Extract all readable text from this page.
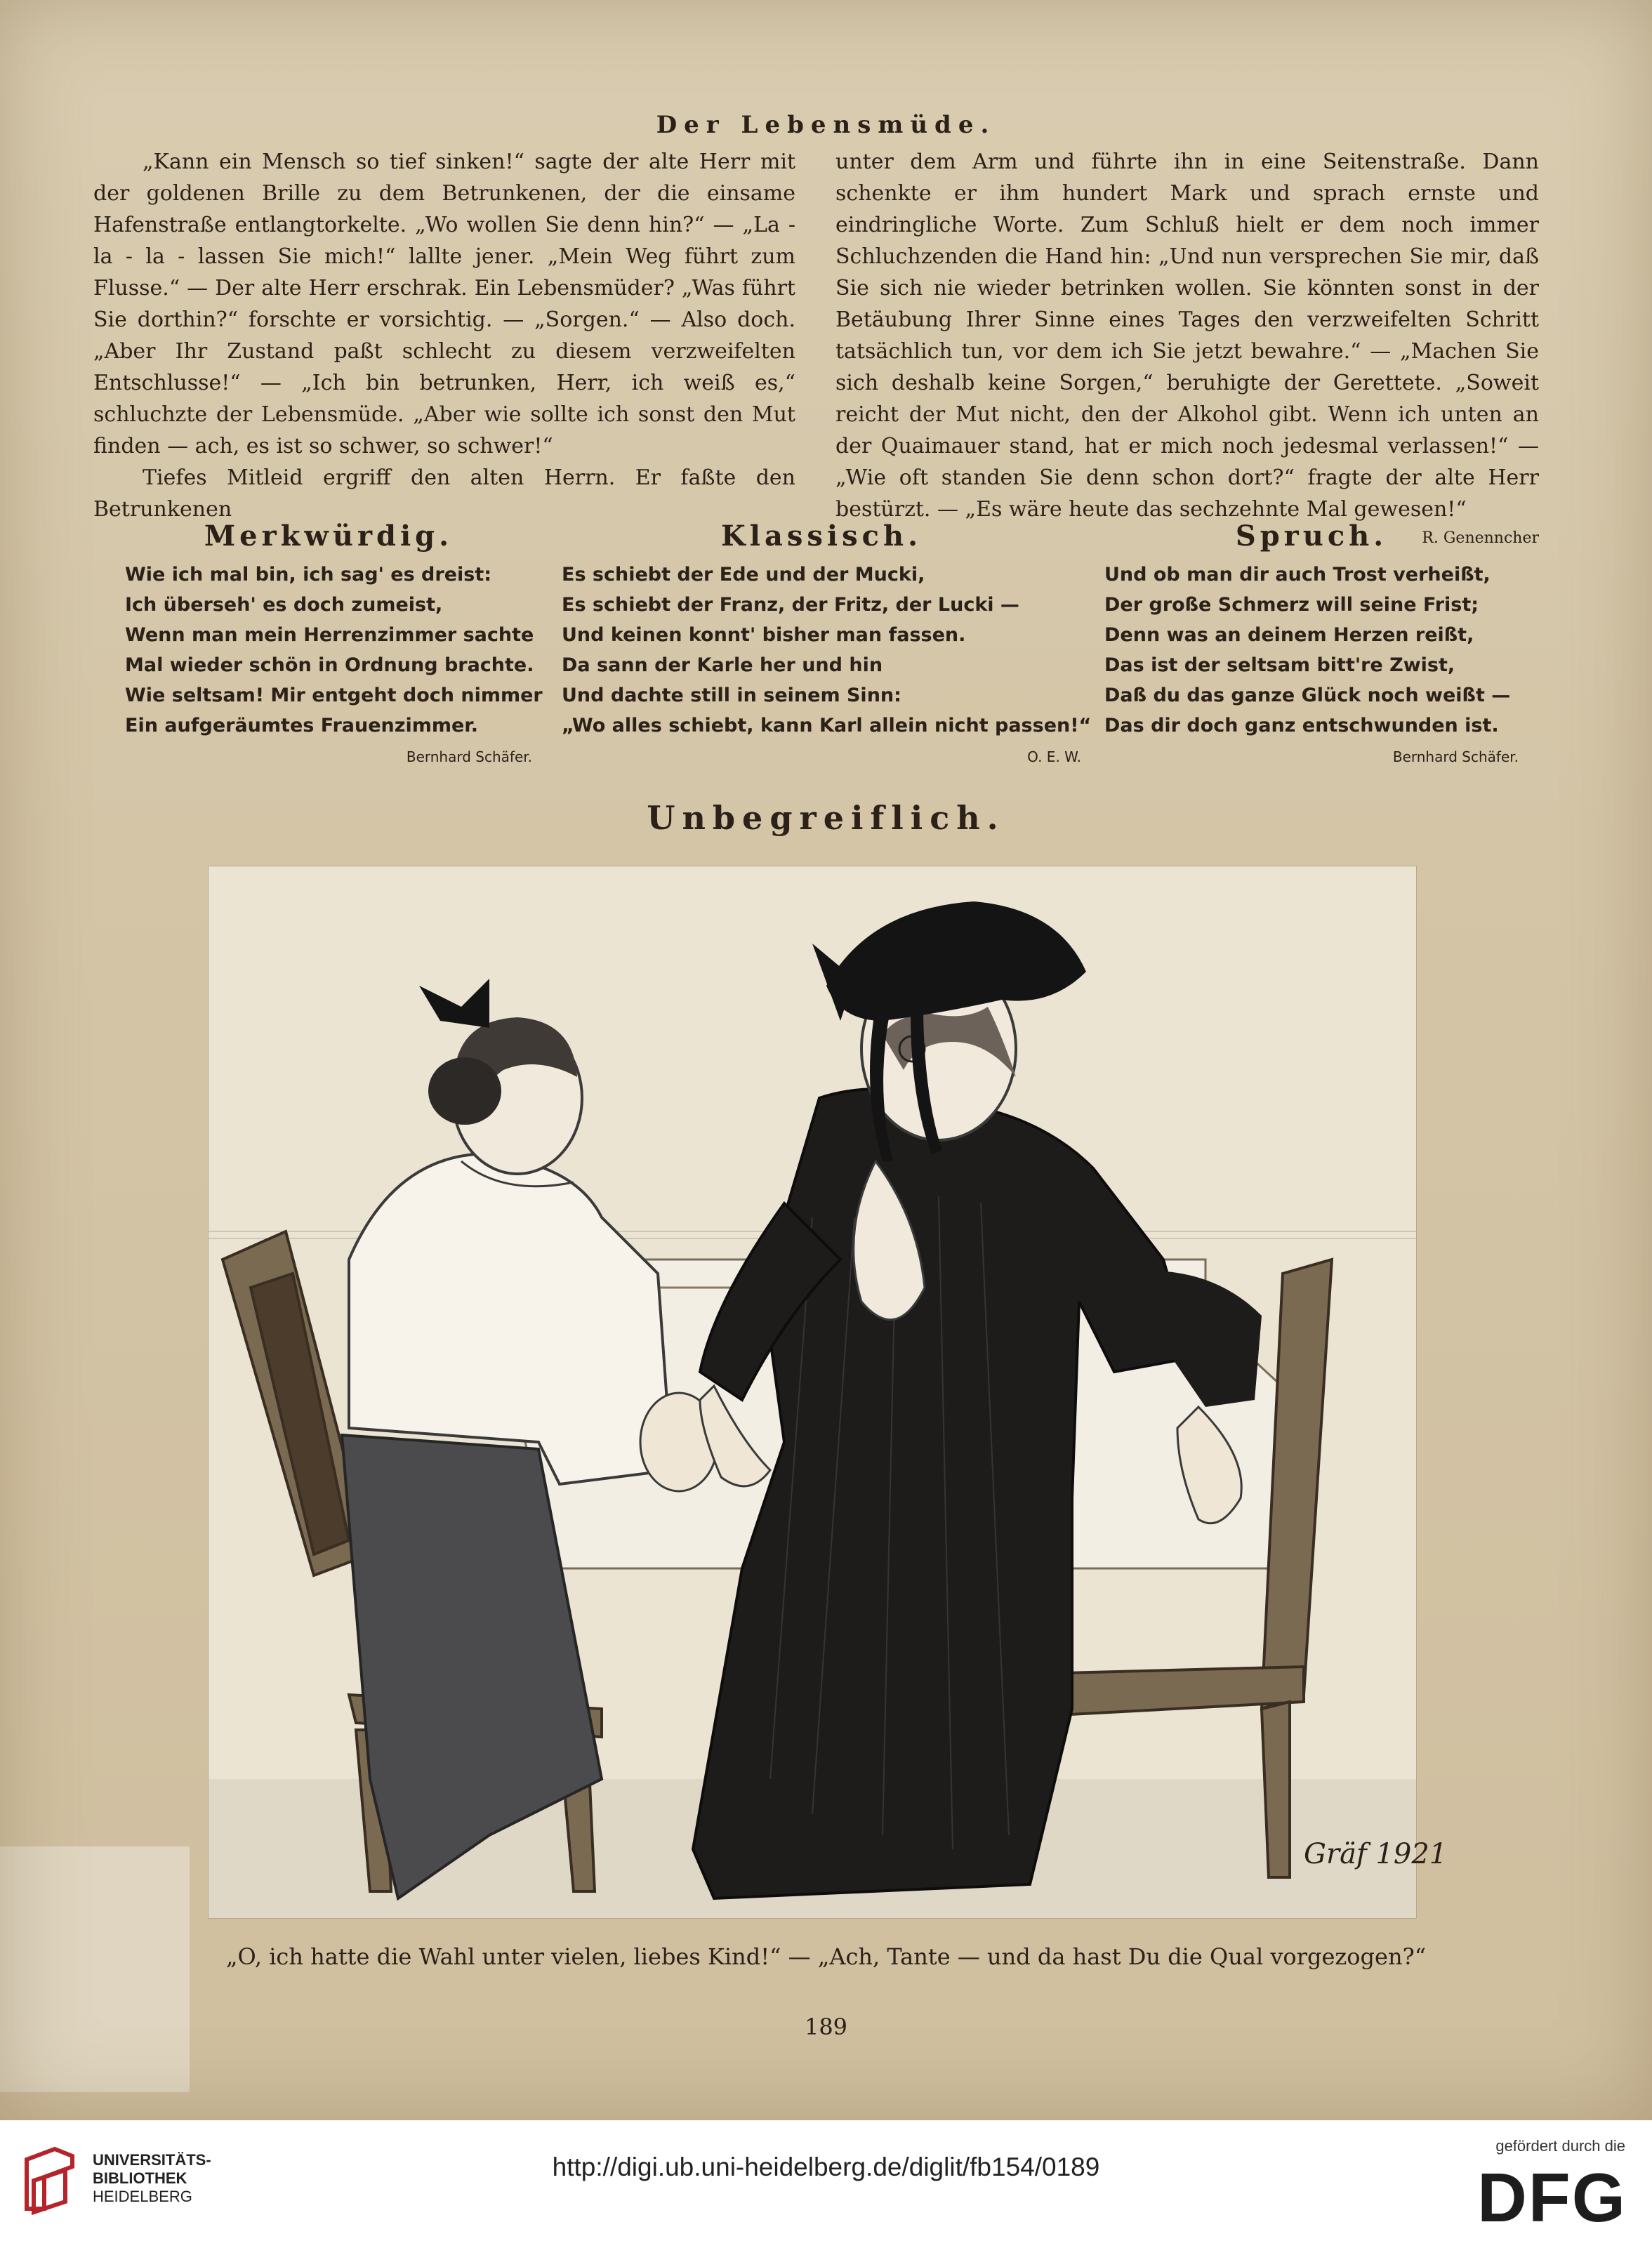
Der Lebensmüde.

„Kann ein Mensch so tief sinken!“ sagte der alte Herr mit der goldenen Brille zu dem Betrunkenen, der die einsame Hafenstraße entlangtorkelte. „Wo wollen Sie denn hin?“ — „La - la - la - lassen Sie mich!“ lallte jener. „Mein Weg führt zum Flusse.“ — Der alte Herr erschrak. Ein Lebensmüder? „Was führt Sie dorthin?“ forschte er vorsichtig. — „Sorgen.“ — Also doch. „Aber Ihr Zustand paßt schlecht zu diesem verzweifelten Entschlusse!“ — „Ich bin betrunken, Herr, ich weiß es,“ schluchzte der Lebensmüde. „Aber wie sollte ich sonst den Mut finden — ach, es ist so schwer, so schwer!“

Tiefes Mitleid ergriff den alten Herrn. Er faßte den Betrunkenen

unter dem Arm und führte ihn in eine Seitenstraße. Dann schenkte er ihm hundert Mark und sprach ernste und eindringliche Worte. Zum Schluß hielt er dem noch immer Schluchzenden die Hand hin: „Und nun versprechen Sie mir, daß Sie sich nie wieder betrinken wollen. Sie könnten sonst in der Betäubung Ihrer Sinne eines Tages den verzweifelten Schritt tatsächlich tun, vor dem ich Sie jetzt bewahre.“ — „Machen Sie sich deshalb keine Sorgen,“ beruhigte der Gerettete. „Soweit reicht der Mut nicht, den der Alkohol gibt. Wenn ich unten an der Quaimauer stand, hat er mich noch jedesmal verlassen!“ — „Wie oft standen Sie denn schon dort?“ fragte der alte Herr bestürzt. — „Es wäre heute das sechzehnte Mal gewesen!“

R. Genenncher
Merkwürdig.
Wie ich mal bin, ich sag' es dreist:
Ich überseh' es doch zumeist,
Wenn man mein Herrenzimmer sachte
Mal wieder schön in Ordnung brachte.
Wie seltsam! Mir entgeht doch nimmer
Ein aufgeräumtes Frauenzimmer.
Bernhard Schäfer.
Klassisch.
Es schiebt der Ede und der Mucki,
Es schiebt der Franz, der Fritz, der Lucki —
Und keinen konnt' bisher man fassen.
Da sann der Karle her und hin
Und dachte still in seinem Sinn:
„Wo alles schiebt, kann Karl allein nicht passen!“
O. E. W.
Spruch.
Und ob man dir auch Trost verheißt,
Der große Schmerz will seine Frist;
Denn was an deinem Herzen reißt,
Das ist der seltsam bitt're Zwist,
Daß du das ganze Glück noch weißt —
Das dir doch ganz entschwunden ist.
Bernhard Schäfer.
Unbegreiflich.
Gräf 1921
„O, ich hatte die Wahl unter vielen, liebes Kind!“ — „Ach, Tante — und da hast Du die Qual vorgezogen?“
189
UNIVERSITÄTS-
BIBLIOTHEK
HEIDELBERG
http://digi.ub.uni-heidelberg.de/diglit/fb154/0189
gefördert durch die
DFG
